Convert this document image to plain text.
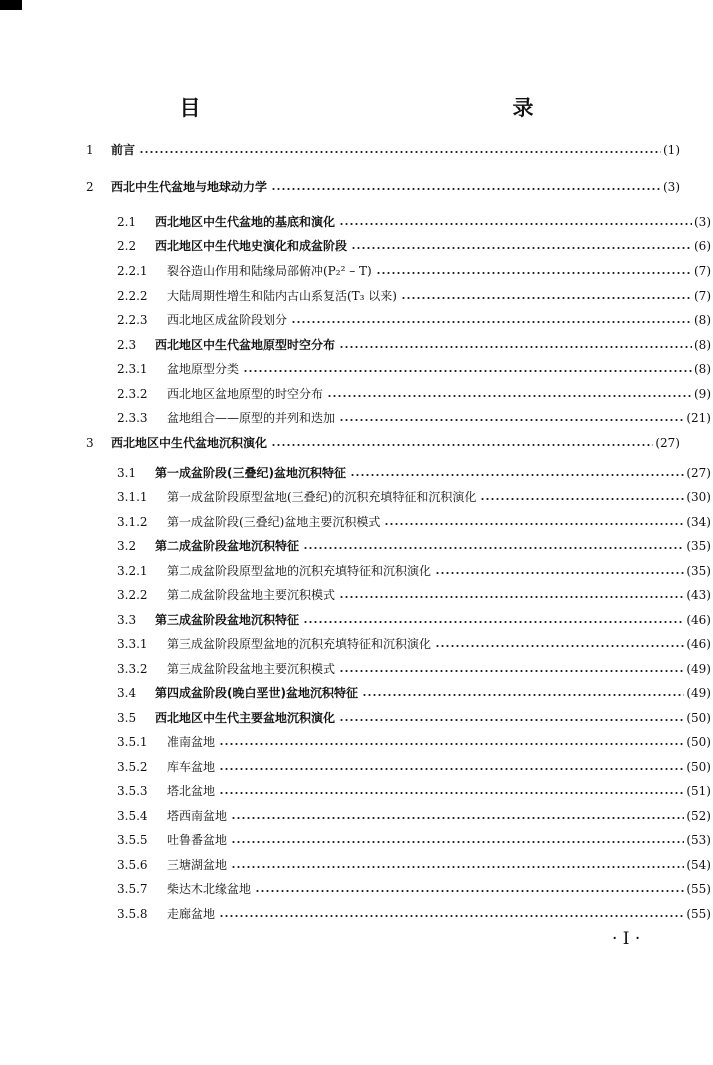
目　　录
1	前言	(1)
2	西北中生代盆地与地球动力学	(3)
2.1	西北地区中生代盆地的基底和演化	(3)
2.2	西北地区中生代地史演化和成盆阶段	(6)
2.2.1	裂谷造山作用和陆缘局部俯冲(P₂² – T)	(7)
2.2.2	大陆周期性增生和陆内古山系复活(T₃ 以来)	(7)
2.2.3	西北地区成盆阶段划分	(8)
2.3	西北地区中生代盆地原型时空分布	(8)
2.3.1	盆地原型分类	(8)
2.3.2	西北地区盆地原型的时空分布	(9)
2.3.3	盆地组合——原型的并列和迭加	(21)
3	西北地区中生代盆地沉积演化	(27)
3.1	第一成盆阶段(三叠纪)盆地沉积特征	(27)
3.1.1	第一成盆阶段原型盆地(三叠纪)的沉积充填特征和沉积演化	(30)
3.1.2	第一成盆阶段(三叠纪)盆地主要沉积模式	(34)
3.2	第二成盆阶段盆地沉积特征	(35)
3.2.1	第二成盆阶段原型盆地的沉积充填特征和沉积演化	(35)
3.2.2	第二成盆阶段盆地主要沉积模式	(43)
3.3	第三成盆阶段盆地沉积特征	(46)
3.3.1	第三成盆阶段原型盆地的沉积充填特征和沉积演化	(46)
3.3.2	第三成盆阶段盆地主要沉积模式	(49)
3.4	第四成盆阶段(晚白垩世)盆地沉积特征	(49)
3.5	西北地区中生代主要盆地沉积演化	(50)
3.5.1	准南盆地	(50)
3.5.2	库车盆地	(50)
3.5.3	塔北盆地	(51)
3.5.4	塔西南盆地	(52)
3.5.5	吐鲁番盆地	(53)
3.5.6	三塘湖盆地	(54)
3.5.7	柴达木北缘盆地	(55)
3.5.8	走廊盆地	(55)
· I ·
